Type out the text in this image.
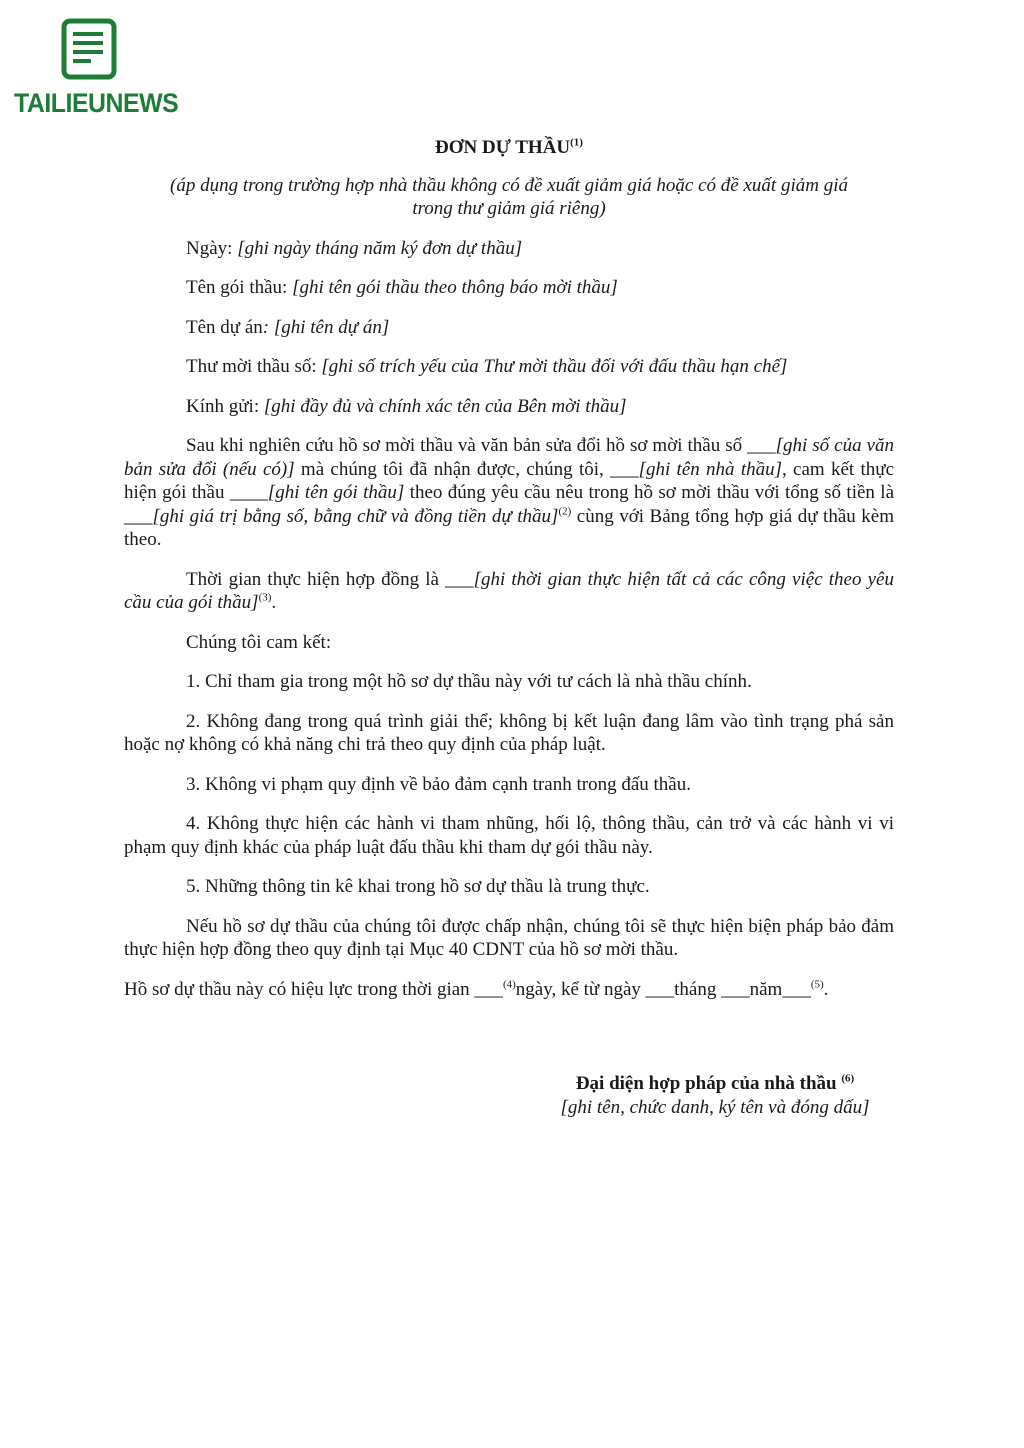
TAILIEUNEWS
ĐƠN DỰ THẦU$^{(1)}$
(áp dụng trong trường hợp nhà thầu không có đề xuất giảm giá hoặc có đề xuất giảm giá trong thư giảm giá riêng)
Ngày: [ghi ngày tháng năm ký đơn dự thầu]
Tên gói thầu: [ghi tên gói thầu theo thông báo mời thầu]
Tên dự án: [ghi tên dự án]
Thư mời thầu số: [ghi số trích yếu của Thư mời thầu đối với đấu thầu hạn chế]
Kính gửi: [ghi đầy đủ và chính xác tên của Bên mời thầu]
Sau khi nghiên cứu hồ sơ mời thầu và văn bản sửa đổi hồ sơ mời thầu số ___[ghi số của văn bản sửa đổi (nếu có)] mà chúng tôi đã nhận được, chúng tôi, ___[ghi tên nhà thầu], cam kết thực hiện gói thầu ____[ghi tên gói thầu] theo đúng yêu cầu nêu trong hồ sơ mời thầu với tổng số tiền là ___[ghi giá trị bằng số, bằng chữ và đồng tiền dự thầu]$^{(2)}$ cùng với Bảng tổng hợp giá dự thầu kèm theo.
Thời gian thực hiện hợp đồng là ___[ghi thời gian thực hiện tất cả các công việc theo yêu cầu của gói thầu]$^{(3)}$.
Chúng tôi cam kết:
1. Chỉ tham gia trong một hồ sơ dự thầu này với tư cách là nhà thầu chính.
2. Không đang trong quá trình giải thể; không bị kết luận đang lâm vào tình trạng phá sản hoặc nợ không có khả năng chi trả theo quy định của pháp luật.
3. Không vi phạm quy định về bảo đảm cạnh tranh trong đấu thầu.
4. Không thực hiện các hành vi tham nhũng, hối lộ, thông thầu, cản trở và các hành vi vi phạm quy định khác của pháp luật đấu thầu khi tham dự gói thầu này.
5. Những thông tin kê khai trong hồ sơ dự thầu là trung thực.
Nếu hồ sơ dự thầu của chúng tôi được chấp nhận, chúng tôi sẽ thực hiện biện pháp bảo đảm thực hiện hợp đồng theo quy định tại Mục 40 CDNT của hồ sơ mời thầu.
Hồ sơ dự thầu này có hiệu lực trong thời gian ___$^{(4)}$ngày, kể từ ngày ___tháng ___năm___$^{(5)}$.
Đại diện hợp pháp của nhà thầu $^{(6)}$
[ghi tên, chức danh, ký tên và đóng dấu]
